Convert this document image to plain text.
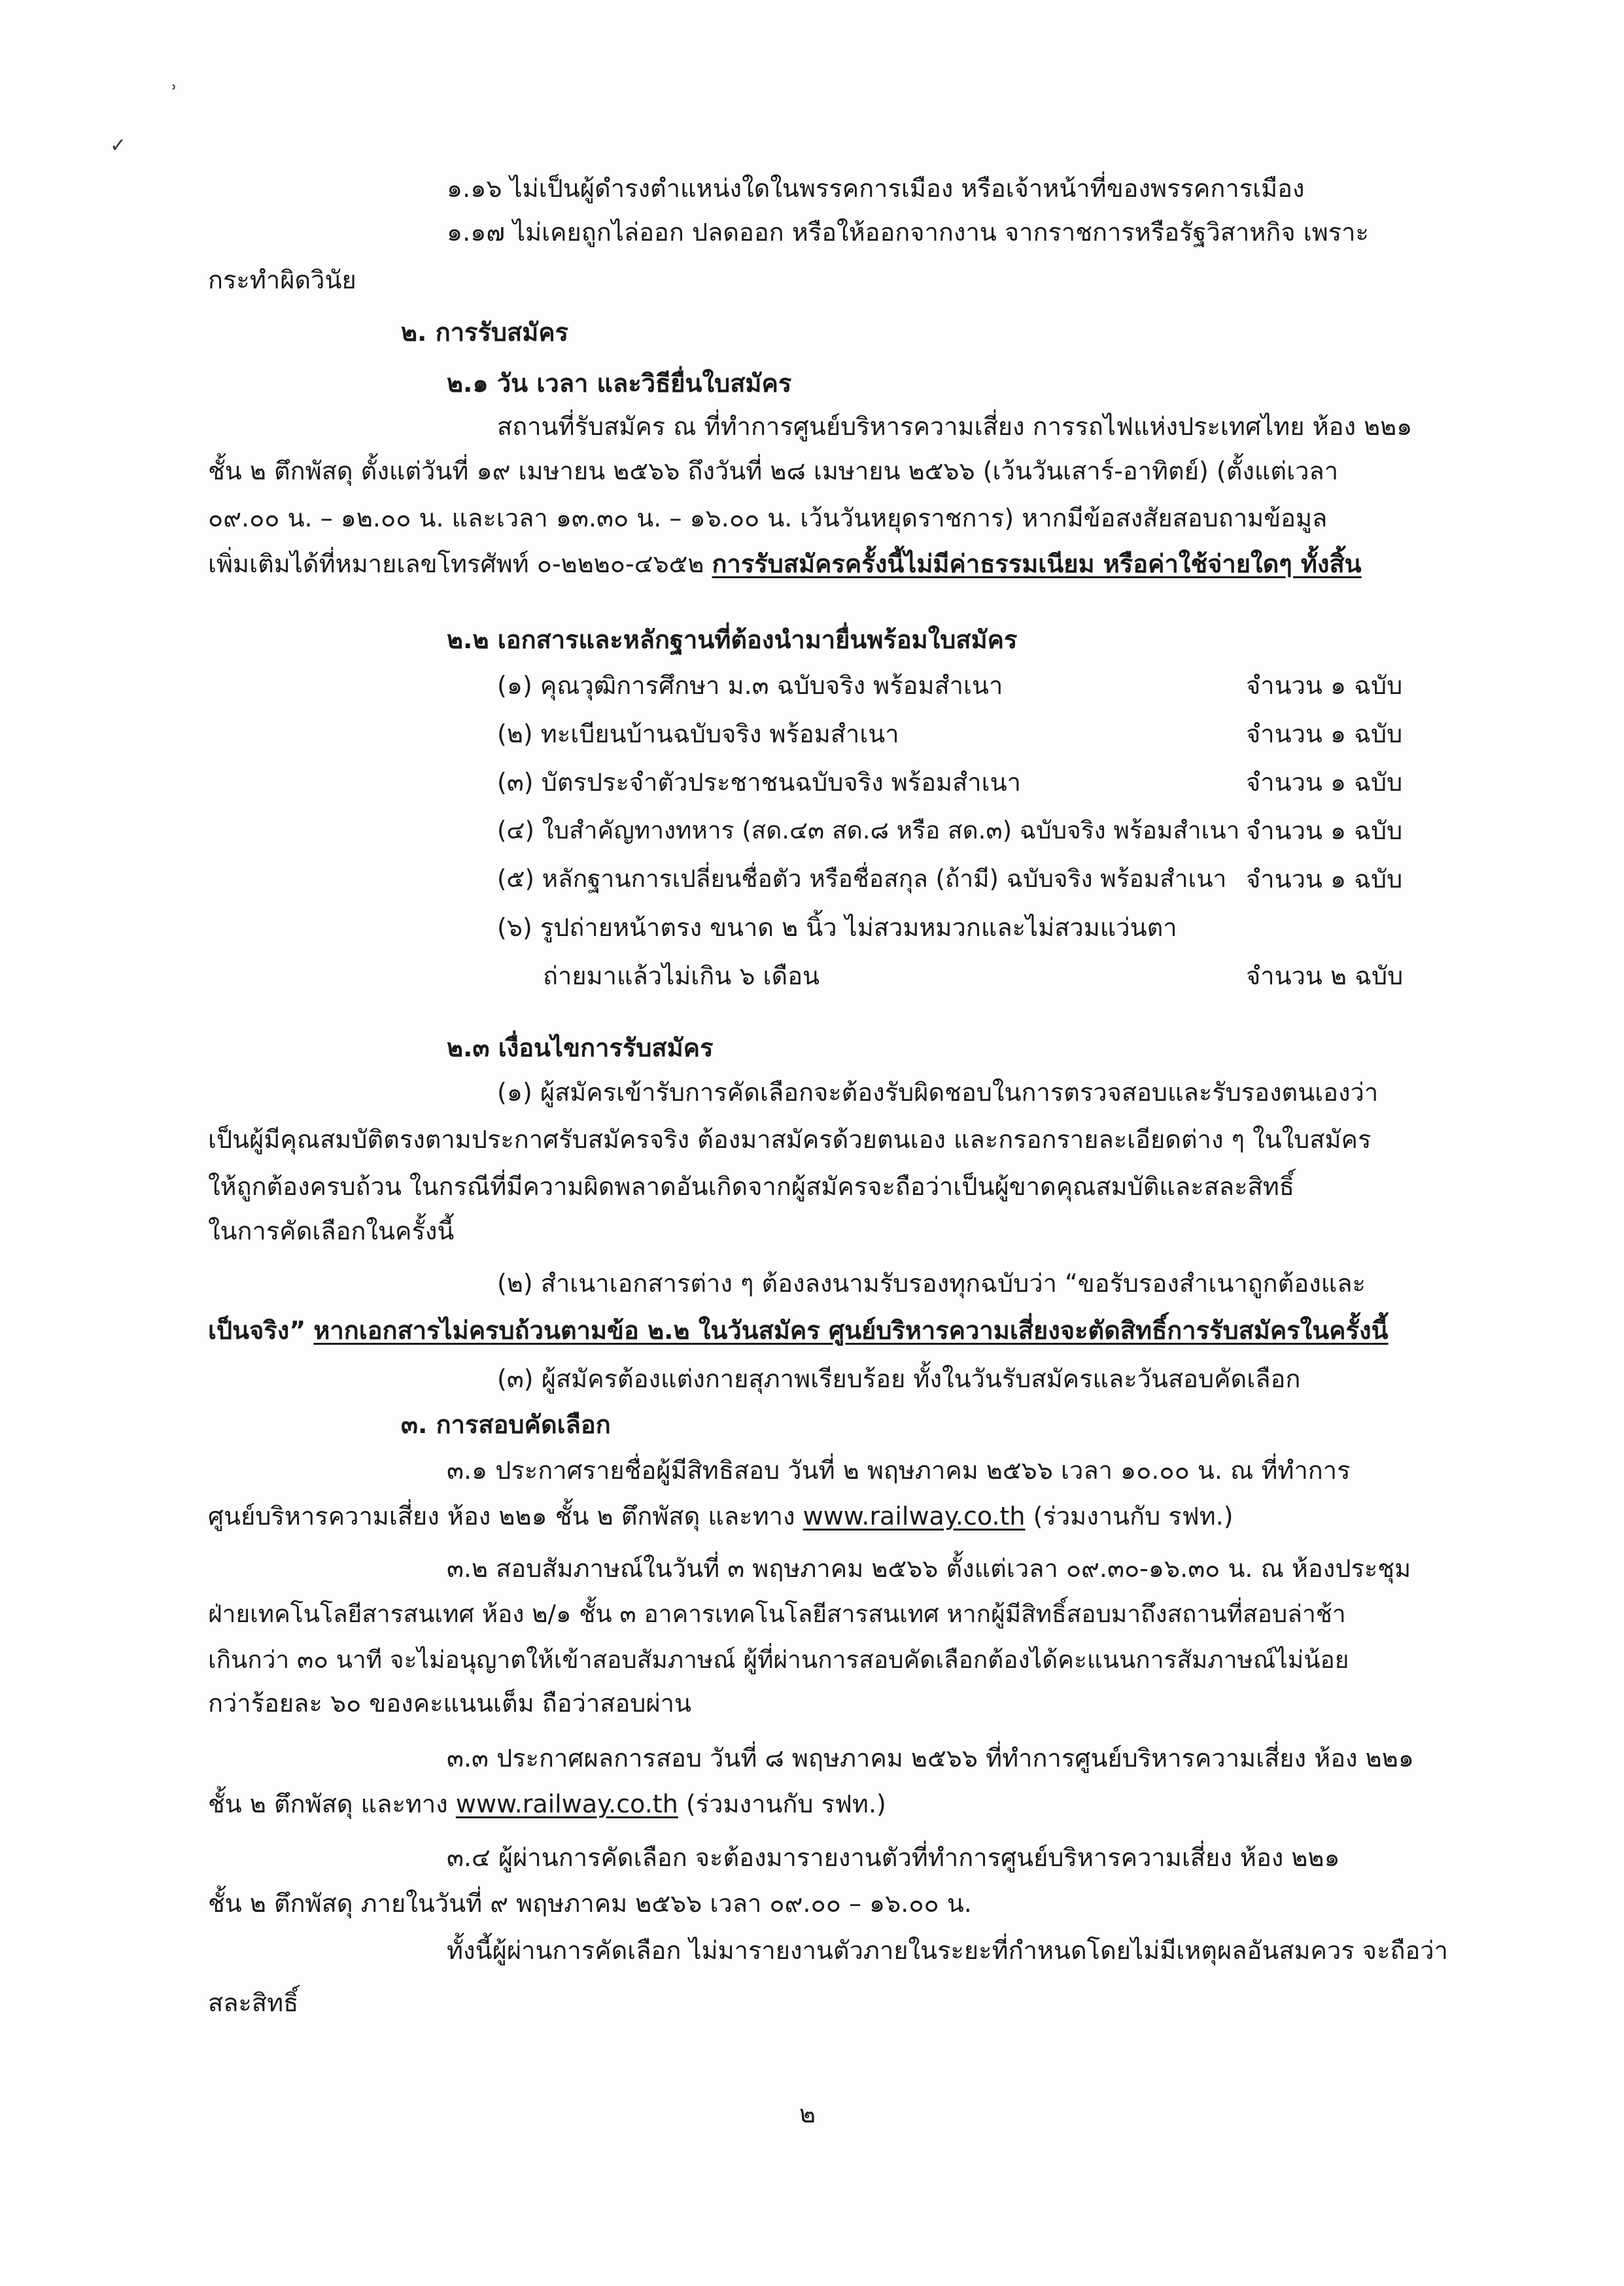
ʾ
✓
๑.๑๖ ไม่เป็นผู้ดำรงตำแหน่งใดในพรรคการเมือง หรือเจ้าหน้าที่ของพรรคการเมือง
๑.๑๗ ไม่เคยถูกไล่ออก ปลดออก หรือให้ออกจากงาน จากราชการหรือรัฐวิสาหกิจ เพราะ
กระทำผิดวินัย
๒. การรับสมัคร
๒.๑ วัน เวลา และวิธียื่นใบสมัคร
สถานที่รับสมัคร ณ ที่ทำการศูนย์บริหารความเสี่ยง การรถไฟแห่งประเทศไทย ห้อง ๒๒๑
ชั้น ๒ ตึกพัสดุ ตั้งแต่วันที่ ๑๙ เมษายน ๒๕๖๖ ถึงวันที่ ๒๘ เมษายน ๒๕๖๖ (เว้นวันเสาร์-อาทิตย์) (ตั้งแต่เวลา
๐๙.๐๐ น. – ๑๒.๐๐ น. และเวลา ๑๓.๓๐ น. – ๑๖.๐๐ น. เว้นวันหยุดราชการ) หากมีข้อสงสัยสอบถามข้อมูล
เพิ่มเติมได้ที่หมายเลขโทรศัพท์ ๐-๒๒๒๐-๔๖๕๒ การรับสมัครครั้งนี้ไม่มีค่าธรรมเนียม หรือค่าใช้จ่ายใดๆ ทั้งสิ้น
๒.๒ เอกสารและหลักฐานที่ต้องนำมายื่นพร้อมใบสมัคร
(๑) คุณวุฒิการศึกษา ม.๓ ฉบับจริง พร้อมสำเนา	จำนวน ๑ ฉบับ
(๒) ทะเบียนบ้านฉบับจริง พร้อมสำเนา	จำนวน ๑ ฉบับ
(๓) บัตรประจำตัวประชาชนฉบับจริง พร้อมสำเนา	จำนวน ๑ ฉบับ
(๔) ใบสำคัญทางทหาร (สด.๔๓ สด.๘ หรือ สด.๓) ฉบับจริง พร้อมสำเนา จำนวน ๑ ฉบับ
(๕) หลักฐานการเปลี่ยนชื่อตัว หรือชื่อสกุล (ถ้ามี) ฉบับจริง พร้อมสำเนา จำนวน ๑ ฉบับ
(๖) รูปถ่ายหน้าตรง ขนาด ๒ นิ้ว ไม่สวมหมวกและไม่สวมแว่นตา
ถ่ายมาแล้วไม่เกิน ๖ เดือน	จำนวน ๒ ฉบับ
๒.๓ เงื่อนไขการรับสมัคร
(๑) ผู้สมัครเข้ารับการคัดเลือกจะต้องรับผิดชอบในการตรวจสอบและรับรองตนเองว่า
เป็นผู้มีคุณสมบัติตรงตามประกาศรับสมัครจริง ต้องมาสมัครด้วยตนเอง และกรอกรายละเอียดต่าง ๆ ในใบสมัคร
ให้ถูกต้องครบถ้วน ในกรณีที่มีความผิดพลาดอันเกิดจากผู้สมัครจะถือว่าเป็นผู้ขาดคุณสมบัติและสละสิทธิ์
ในการคัดเลือกในครั้งนี้
(๒) สำเนาเอกสารต่าง ๆ ต้องลงนามรับรองทุกฉบับว่า “ขอรับรองสำเนาถูกต้องและ
เป็นจริง” หากเอกสารไม่ครบถ้วนตามข้อ ๒.๒ ในวันสมัคร ศูนย์บริหารความเสี่ยงจะตัดสิทธิ์การรับสมัครในครั้งนี้
(๓) ผู้สมัครต้องแต่งกายสุภาพเรียบร้อย ทั้งในวันรับสมัครและวันสอบคัดเลือก
๓. การสอบคัดเลือก
๓.๑ ประกาศรายชื่อผู้มีสิทธิสอบ วันที่ ๒ พฤษภาคม ๒๕๖๖ เวลา ๑๐.๐๐ น. ณ ที่ทำการ
ศูนย์บริหารความเสี่ยง ห้อง ๒๒๑ ชั้น ๒ ตึกพัสดุ และทาง www.railway.co.th (ร่วมงานกับ รฟท.)
๓.๒ สอบสัมภาษณ์ในวันที่ ๓ พฤษภาคม ๒๕๖๖ ตั้งแต่เวลา ๐๙.๓๐-๑๖.๓๐ น. ณ ห้องประชุม
ฝ่ายเทคโนโลยีสารสนเทศ ห้อง ๒/๑ ชั้น ๓ อาคารเทคโนโลยีสารสนเทศ หากผู้มีสิทธิ์สอบมาถึงสถานที่สอบล่าช้า
เกินกว่า ๓๐ นาที จะไม่อนุญาตให้เข้าสอบสัมภาษณ์ ผู้ที่ผ่านการสอบคัดเลือกต้องได้คะแนนการสัมภาษณ์ไม่น้อย
กว่าร้อยละ ๖๐ ของคะแนนเต็ม ถือว่าสอบผ่าน
๓.๓ ประกาศผลการสอบ วันที่ ๘ พฤษภาคม ๒๕๖๖ ที่ทำการศูนย์บริหารความเสี่ยง ห้อง ๒๒๑
ชั้น ๒ ตึกพัสดุ และทาง www.railway.co.th (ร่วมงานกับ รฟท.)
๓.๔ ผู้ผ่านการคัดเลือก จะต้องมารายงานตัวที่ทำการศูนย์บริหารความเสี่ยง ห้อง ๒๒๑
ชั้น ๒ ตึกพัสดุ ภายในวันที่ ๙ พฤษภาคม ๒๕๖๖ เวลา ๐๙.๐๐ – ๑๖.๐๐ น.
ทั้งนี้ผู้ผ่านการคัดเลือก ไม่มารายงานตัวภายในระยะที่กำหนดโดยไม่มีเหตุผลอันสมควร จะถือว่า
สละสิทธิ์
๒
